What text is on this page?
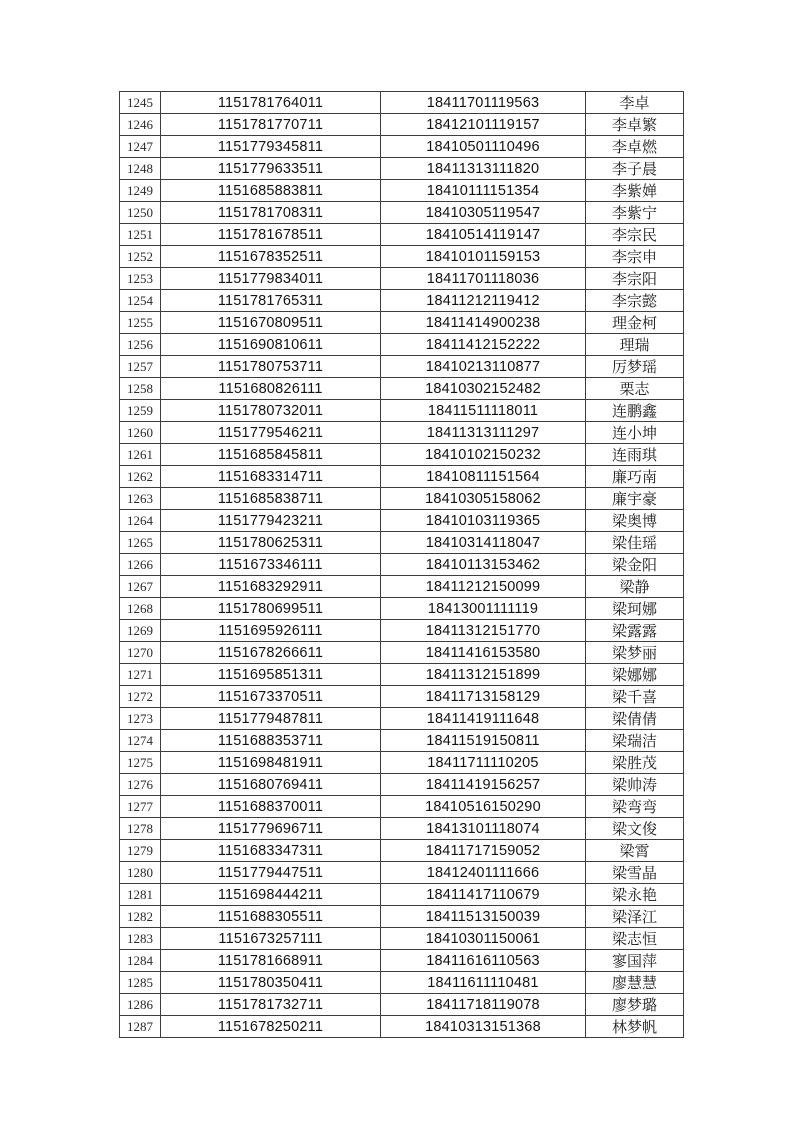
1245	1151781764011	18411701119563	李卓
1246	1151781770711	18412101119157	李卓繁
1247	1151779345811	18410501110496	李卓燃
1248	1151779633511	18411313111820	李子晨
1249	1151685883811	18410111151354	李紫婵
1250	1151781708311	18410305119547	李紫宁
1251	1151781678511	18410514119147	李宗民
1252	1151678352511	18410101159153	李宗申
1253	1151779834011	18411701118036	李宗阳
1254	1151781765311	18411212119412	李宗懿
1255	1151670809511	18411414900238	理金柯
1256	1151690810611	18411412152222	理瑞
1257	1151780753711	18410213110877	厉梦瑶
1258	1151680826111	18410302152482	栗志
1259	1151780732011	18411511118011	连鹏鑫
1260	1151779546211	18411313111297	连小坤
1261	1151685845811	18410102150232	连雨琪
1262	1151683314711	18410811151564	廉巧南
1263	1151685838711	18410305158062	廉宇豪
1264	1151779423211	18410103119365	梁奥博
1265	1151780625311	18410314118047	梁佳瑶
1266	1151673346111	18410113153462	梁金阳
1267	1151683292911	18411212150099	梁静
1268	1151780699511	18413001111119	梁珂娜
1269	1151695926111	18411312151770	梁露露
1270	1151678266611	18411416153580	梁梦丽
1271	1151695851311	18411312151899	梁娜娜
1272	1151673370511	18411713158129	梁千喜
1273	1151779487811	18411419111648	梁倩倩
1274	1151688353711	18411519150811	梁瑞洁
1275	1151698481911	18411711110205	梁胜茂
1276	1151680769411	18411419156257	梁帅涛
1277	1151688370011	18410516150290	梁弯弯
1278	1151779696711	18413101118074	梁文俊
1279	1151683347311	18411717159052	梁霄
1280	1151779447511	18412401111666	梁雪晶
1281	1151698444211	18411417110679	梁永艳
1282	1151688305511	18411513150039	梁泽江
1283	1151673257111	18410301150061	梁志恒
1284	1151781668911	18411616110563	寥国萍
1285	1151780350411	18411611110481	廖慧慧
1286	1151781732711	18411718119078	廖梦璐
1287	1151678250211	18410313151368	林梦帆
